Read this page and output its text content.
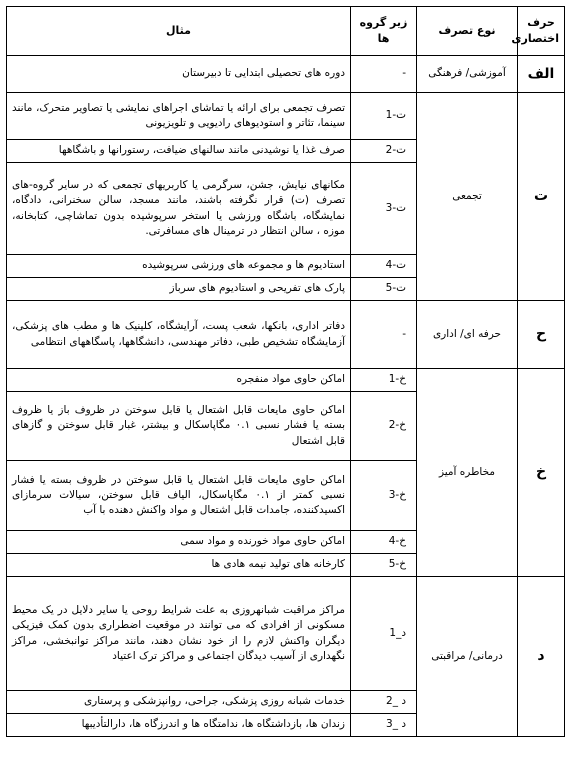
حرف اختصاری	نوع تصرف	زیر گروه ها	مثال
الف	آموزشی/ فرهنگی	-	دوره های تحصیلی ابتدایی تا دبیرستان
ت	تجمعی	ت-1	تصرف تجمعی برای ارائه یا تماشای اجراهای نمایشی یا تصاویر متحرک، مانند سینما، تئاتر و استودیوهای رادیویی و تلویزیونی
		ت-2	صرف غذا یا نوشیدنی مانند سالنهای ضیافت، رستورانها و باشگاهها
		ت-3	مکانهای نیایش، جشن، سرگرمی یا کاربریهای تجمعی که در سایر گروه-های تصرف (ت) قرار نگرفته باشند، مانند مسجد، سالن سخنرانی، دادگاه، نمایشگاه، باشگاه ورزشی یا استخر سرپوشیده بدون تماشاچی، کتابخانه، موزه ، سالن انتظار در ترمینال های مسافرتی.
		ت-4	استادیوم ها و مجموعه های ورزشی سرپوشیده
		ت-5	پارک های تفریحی و استادیوم های سرباز
ح	حرفه ای/ اداری	-	دفاتر اداری، بانکها، شعب پست، آرایشگاه، کلینیک ها و مطب های پزشکی، آزمایشگاه تشخیص طبی، دفاتر مهندسی، دانشگاهها، پاسگاههای انتظامی
خ	مخاطره آمیز	خ-1	اماکن حاوی مواد منفجره
		خ-2	اماکن حاوی مایعات قابل اشتعال یا قابل سوختن در ظروف باز یا ظروف بسته یا فشار نسبی ۰.۱ مگاپاسکال و بیشتر، غبار قابل سوختن و گازهای قابل اشتعال
		خ-3	اماکن حاوی مایعات قابل اشتعال یا قابل سوختن در ظروف بسته یا فشار نسبی کمتر از ۰.۱ مگاپاسکال، الیاف قابل سوختن، سیالات سرمازای اکسیدکننده، جامدات قابل اشتعال و مواد واکنش دهنده با آب
		خ-4	اماکن حاوی مواد خورنده و مواد سمی
		خ-5	کارخانه های تولید نیمه هادی ها
د	درمانی/ مراقبتی	د_1	مراکز مراقبت شبانهروزی به علت شرایط روحی یا سایر دلایل در یک محیط مسکونی از افرادی که می توانند در موقعیت اضطراری بدون کمک فیزیکی دیگران واکنش لازم را از خود نشان دهند، مانند مراکز توانبخشی، مراکز نگهداری از آسیب دیدگان اجتماعی و مراکز ترک اعتیاد
		د _2	خدمات شبانه روزی پزشکی، جراحی، روانپزشکی و پرستاری
		د _3	زندان ها، بازداشتگاه ها، ندامتگاه ها و اندرزگاه ها، دارالتأدیبها
